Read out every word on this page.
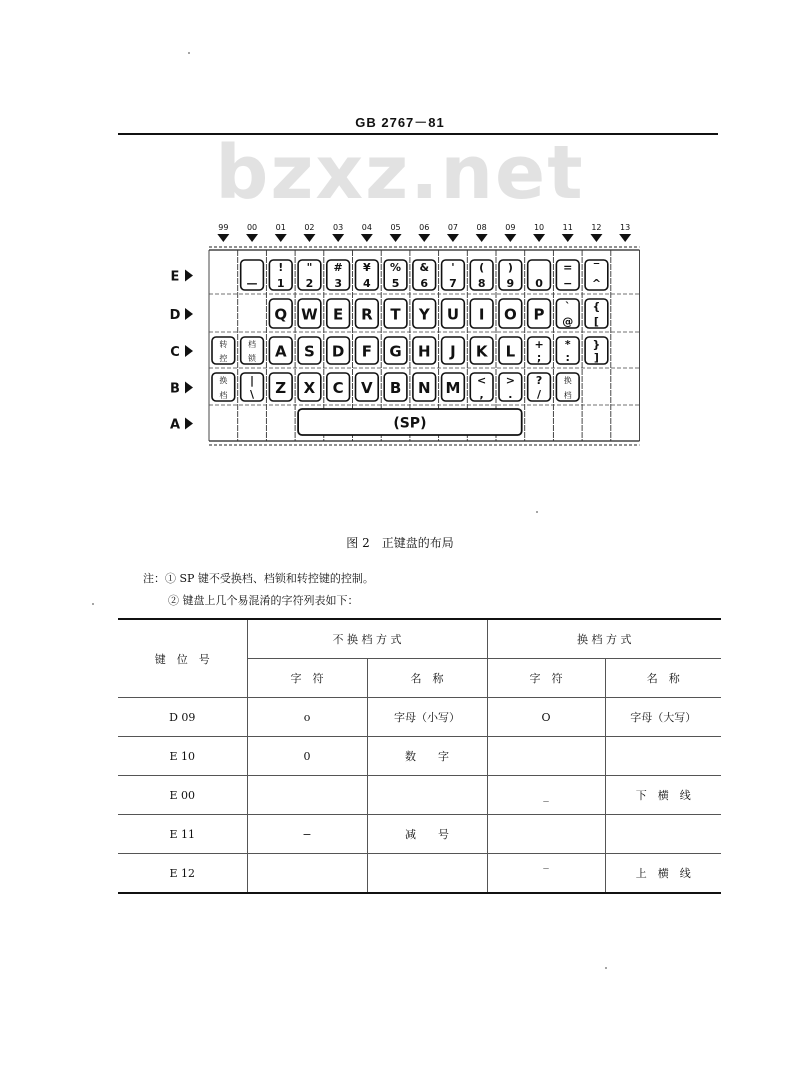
GB 2767－81
bzxz.net
99 00 01 02 03 04 05 06 07 08 09 10 11 12 13
E
D
C
B
A
—
!
1
"
2
#
3
¥
4
%
5
&
6
'
7
(
8
)
9 0
=
−
‾
^
Q W E R T Y U I O P `
@
{
[
转
控
档
锁 A S D F G H J K L +
;
*
:
}
]
换
档
|
\ Z X C V B N M <
,
>
.
?
/
换
档
(SP)
图 2　正键盘的布局
注：① SP 键不受换档、档锁和转控键的控制。
② 键盘上几个易混淆的字符列表如下：
键　位　号	不 换 档 方 式		换 档 方 式	
	字　符	名　称	字　符	名　称
D 09	o	字母（小写）	O	字母（大写）
E 10	0	数　　字		
E 00			_	下　横　线
E 11	−	减　　号		
E 12			‾	上　横　线
